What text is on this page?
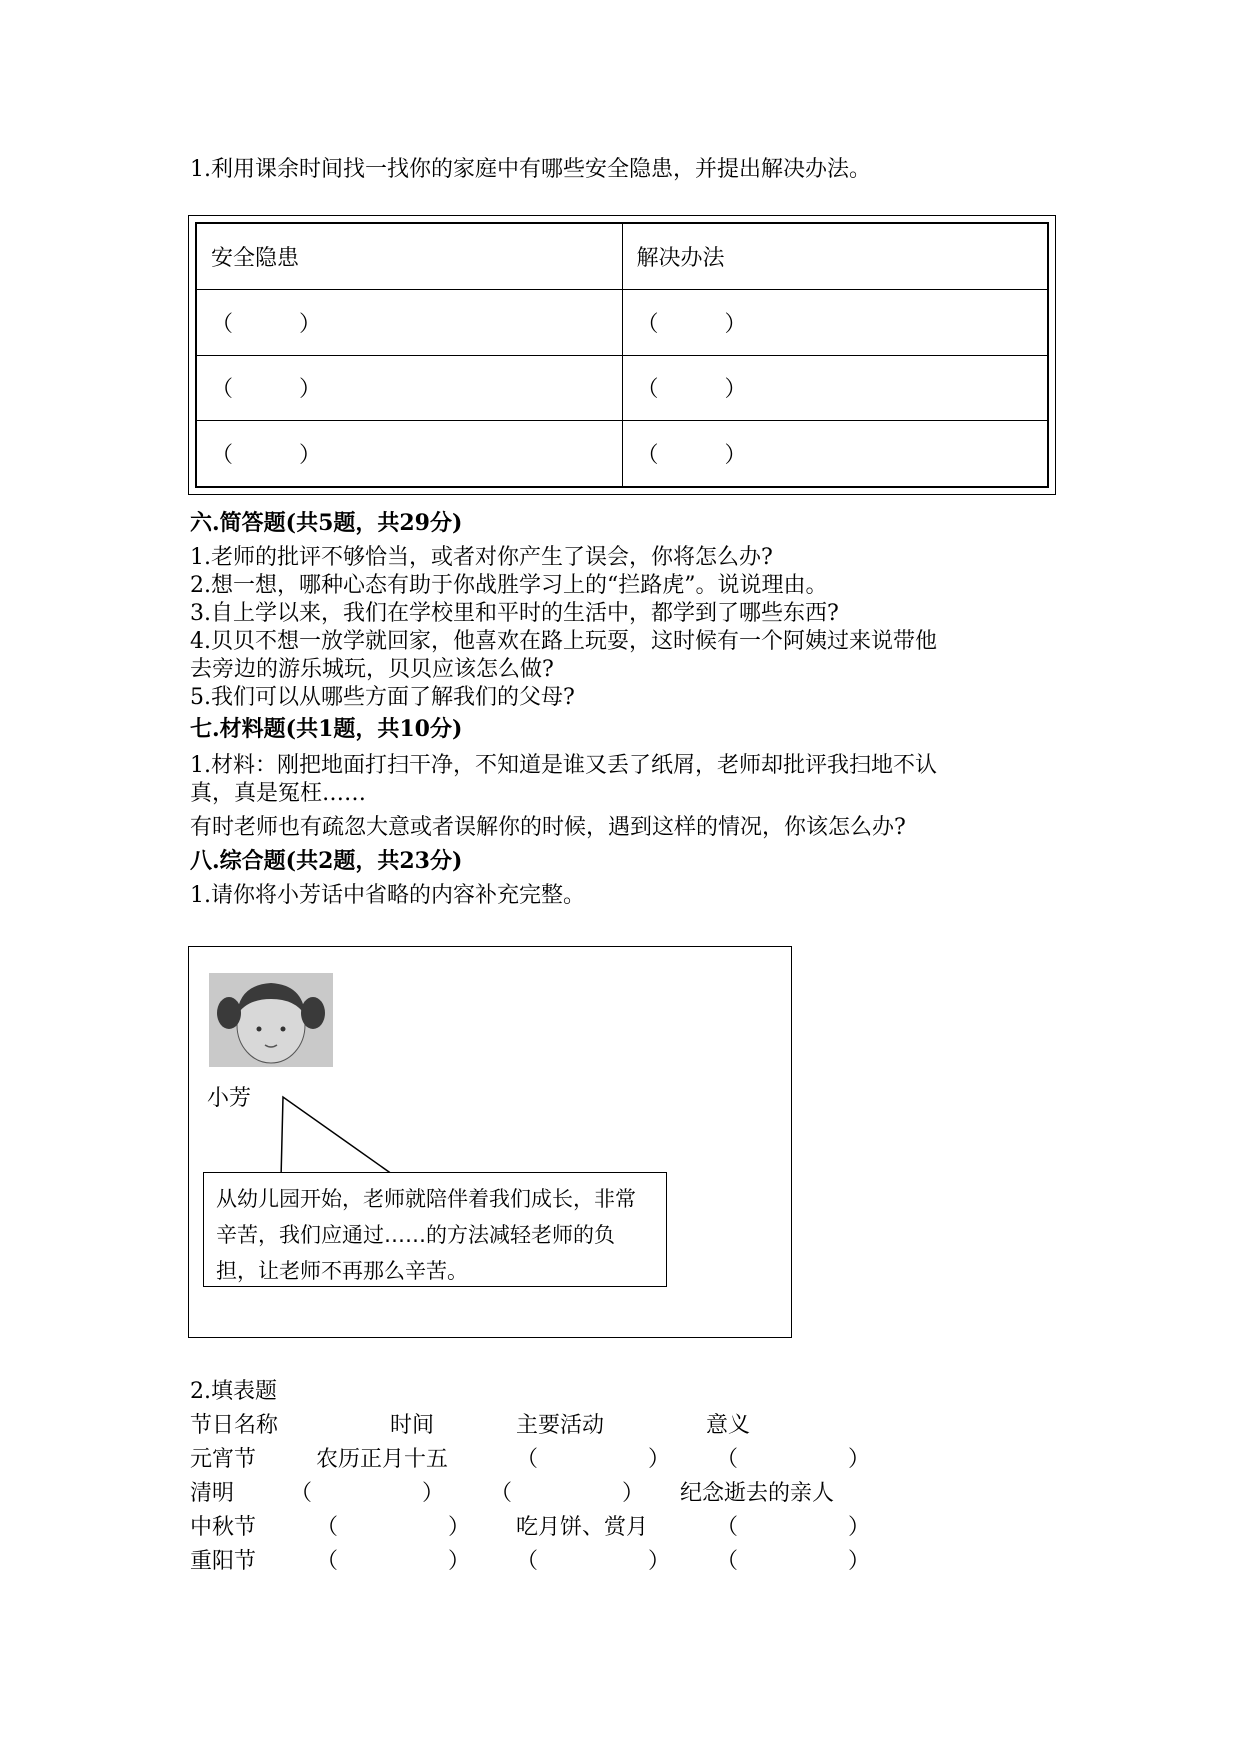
1.利用课余时间找一找你的家庭中有哪些安全隐患，并提出解决办法。
安全隐患	解决办法
（　　　）	（　　　）
（　　　）	（　　　）
（　　　）	（　　　）
六.简答题(共5题，共29分)
1.老师的批评不够恰当，或者对你产生了误会，你将怎么办?
2.想一想，哪种心态有助于你战胜学习上的“拦路虎”。说说理由。
3.自上学以来，我们在学校里和平时的生活中，都学到了哪些东西?
4.贝贝不想一放学就回家，他喜欢在路上玩耍，这时候有一个阿姨过来说带他
去旁边的游乐城玩，贝贝应该怎么做?
5.我们可以从哪些方面了解我们的父母?
七.材料题(共1题，共10分)
1.材料：刚把地面打扫干净，不知道是谁又丢了纸屑，老师却批评我扫地不认
真，真是冤枉……
有时老师也有疏忽大意或者误解你的时候，遇到这样的情况，你该怎么办?
八.综合题(共2题，共23分)
1.请你将小芳话中省略的内容补充完整。
小芳
从幼儿园开始，老师就陪伴着我们成长，非常
辛苦，我们应通过……的方法减轻老师的负
担，让老师不再那么辛苦。
2.填表题
节日名称	时间	主要活动	意义
元宵节	农历正月十五	（　　　　　） （　　　　　）
清明	（　　　　　） （　　　　　） 纪念逝去的亲人
中秋节	（　　　　　） 吃月饼、赏月	（　　　　　）
重阳节	（　　　　　） （　　　　　） （　　　　　）
